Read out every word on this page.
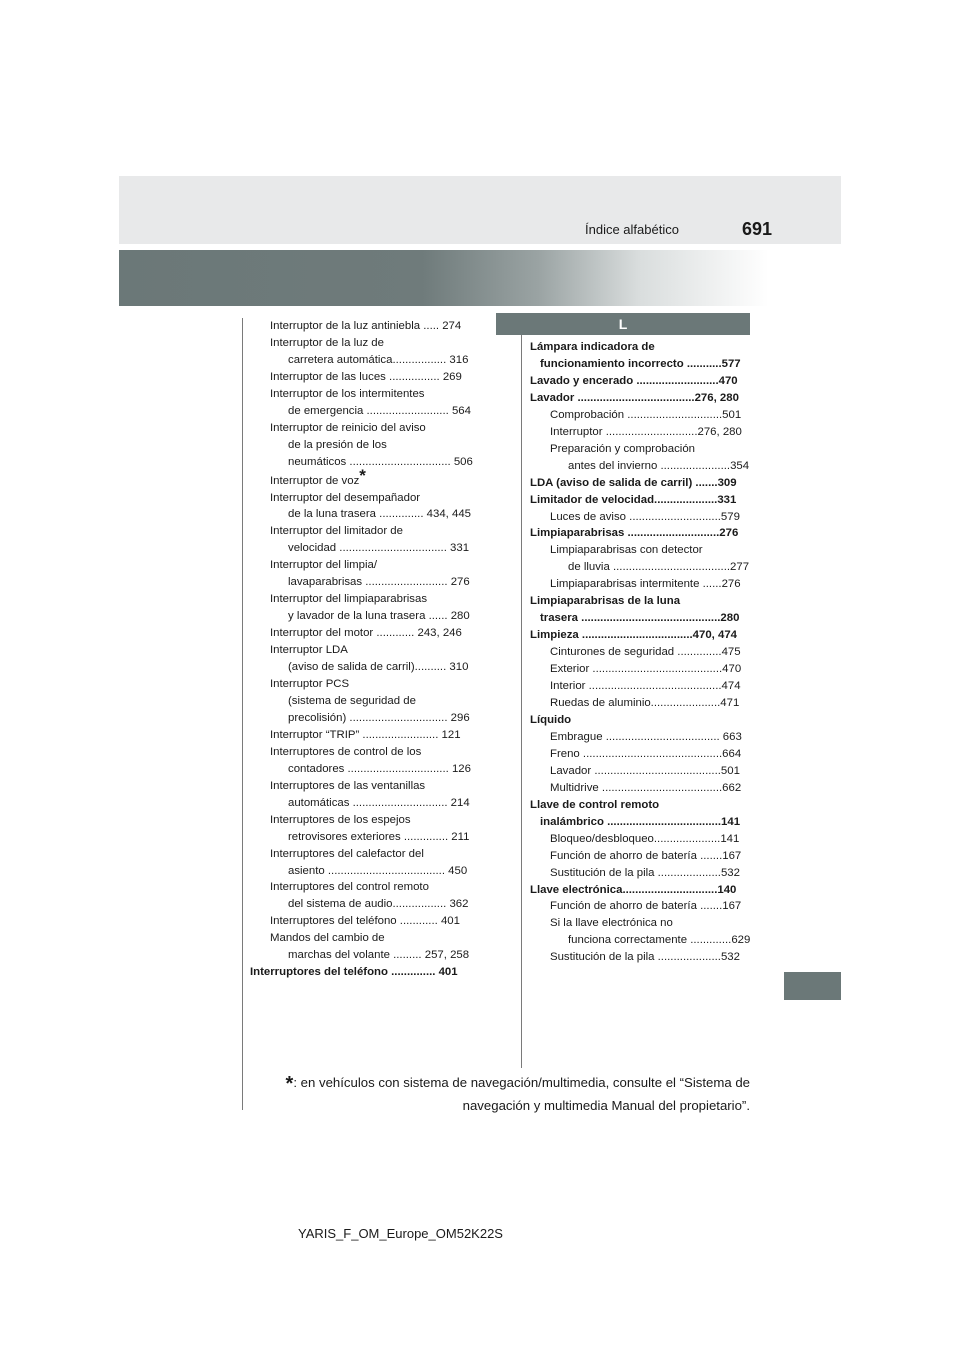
Índice alfabético	691
Interruptor de la luz antiniebla ..... 274
Interruptor de la luz de
carretera automática................. 316
Interruptor de las luces ................ 269
Interruptor de los intermitentes
de emergencia .......................... 564
Interruptor de reinicio del aviso
de la presión de los
neumáticos ................................ 506
Interruptor de voz*
Interruptor del desempañador
de la luna trasera .............. 434, 445
Interruptor del limitador de
velocidad .................................. 331
Interruptor del limpia/
lavaparabrisas .......................... 276
Interruptor del limpiaparabrisas
y lavador de la luna trasera ...... 280
Interruptor del motor ............ 243, 246
Interruptor LDA
(aviso de salida de carril).......... 310
Interruptor PCS
(sistema de seguridad de
precolisión) ............................... 296
Interruptor “TRIP” ........................ 121
Interruptores de control de los
contadores ................................ 126
Interruptores de las ventanillas
automáticas .............................. 214
Interruptores de los espejos
retrovisores exteriores .............. 211
Interruptores del calefactor del
asiento ..................................... 450
Interruptores del control remoto
del sistema de audio................. 362
Interruptores del teléfono ............ 401
Mandos del cambio de
marchas del volante ......... 257, 258
Interruptores del teléfono .............. 401
L
Lámpara indicadora de
funcionamiento incorrecto ...........577
Lavado y encerado ..........................470
Lavador .....................................276, 280
Comprobación ..............................501
Interruptor .............................276, 280
Preparación y comprobación
antes del invierno ......................354
LDA (aviso de salida de carril) .......309
Limitador de velocidad....................331
Luces de aviso .............................579
Limpiaparabrisas .............................276
Limpiaparabrisas con detector
de lluvia .....................................277
Limpiaparabrisas intermitente ......276
Limpiaparabrisas de la luna
trasera ............................................280
Limpieza ...................................470, 474
Cinturones de seguridad ..............475
Exterior .........................................470
Interior ..........................................474
Ruedas de aluminio......................471
Líquido
Embrague .................................... 663
Freno ............................................664
Lavador ........................................501
Multidrive ......................................662
Llave de control remoto
inalámbrico ....................................141
Bloqueo/desbloqueo.....................141
Función de ahorro de batería .......167
Sustitución de la pila ....................532
Llave electrónica..............................140
Función de ahorro de batería .......167
Si la llave electrónica no
funciona correctamente .............629
Sustitución de la pila ....................532
*: en vehículos con sistema de navegación/multimedia, consulte el “Sistema de
navegación y multimedia Manual del propietario”.
YARIS_F_OM_Europe_OM52K22S
